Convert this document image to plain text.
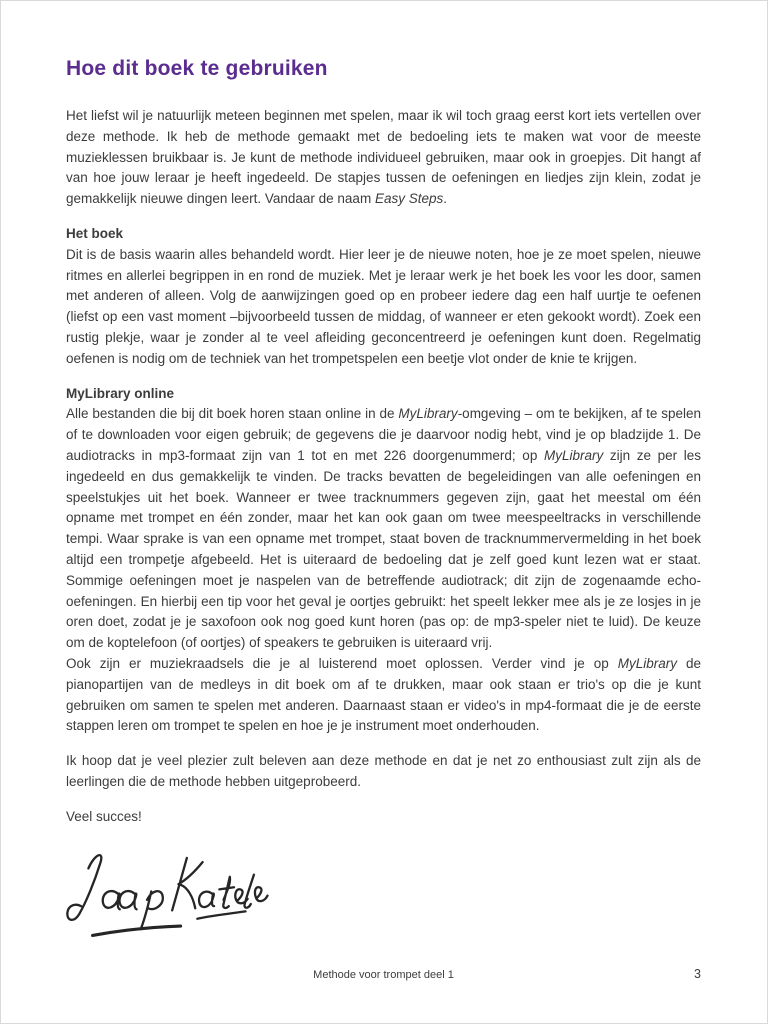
Hoe dit boek te gebruiken

Het liefst wil je natuurlijk meteen beginnen met spelen, maar ik wil toch graag eerst kort iets vertellen over deze methode. Ik heb de methode gemaakt met de bedoeling iets te maken wat voor de meeste muzieklessen bruikbaar is. Je kunt de methode individueel gebruiken, maar ook in groepjes. Dit hangt af van hoe jouw leraar je heeft ingedeeld. De stapjes tussen de oefeningen en liedjes zijn klein, zodat je gemakkelijk nieuwe dingen leert. Vandaar de naam Easy Steps.

Het boek

Dit is de basis waarin alles behandeld wordt. Hier leer je de nieuwe noten, hoe je ze moet spelen, nieuwe ritmes en allerlei begrippen in en rond de muziek. Met je leraar werk je het boek les voor les door, samen met anderen of alleen. Volg de aanwijzingen goed op en probeer iedere dag een half uurtje te oefenen (liefst op een vast moment –bijvoorbeeld tussen de middag, of wanneer er eten gekookt wordt). Zoek een rustig plekje, waar je zonder al te veel afleiding geconcentreerd je oefeningen kunt doen. Regelmatig oefenen is nodig om de techniek van het trompetspelen een beetje vlot onder de knie te krijgen.

MyLibrary online

Alle bestanden die bij dit boek horen staan online in de MyLibrary-omgeving – om te bekijken, af te spelen of te downloaden voor eigen gebruik; de gegevens die je daarvoor nodig hebt, vind je op bladzijde 1. De audiotracks in mp3-formaat zijn van 1 tot en met 226 doorgenummerd; op MyLibrary zijn ze per les ingedeeld en dus gemakkelijk te vinden. De tracks bevatten de begeleidingen van alle oefeningen en speelstukjes uit het boek. Wanneer er twee tracknummers gegeven zijn, gaat het meestal om één opname met trompet en één zonder, maar het kan ook gaan om twee meespeeltracks in verschillende tempi. Waar sprake is van een opname met trompet, staat boven de tracknummervermelding in het boek altijd een trompetje afgebeeld. Het is uiteraard de bedoeling dat je zelf goed kunt lezen wat er staat. Sommige oefeningen moet je naspelen van de betreffende audiotrack; dit zijn de zogenaamde echo-oefeningen. En hierbij een tip voor het geval je oortjes gebruikt: het speelt lekker mee als je ze losjes in je oren doet, zodat je je saxofoon ook nog goed kunt horen (pas op: de mp3-speler niet te luid). De keuze om de koptelefoon (of oortjes) of speakers te gebruiken is uiteraard vrij.

Ook zijn er muziekraadsels die je al luisterend moet oplossen. Verder vind je op MyLibrary de pianopartijen van de medleys in dit boek om af te drukken, maar ook staan er trio's op die je kunt gebruiken om samen te spelen met anderen. Daarnaast staan er video's in mp4-formaat die je de eerste stappen leren om trompet te spelen en hoe je je instrument moet onderhouden.

Ik hoop dat je veel plezier zult beleven aan deze methode en dat je net zo enthousiast zult zijn als de leerlingen die de methode hebben uitgeprobeerd.

Veel succes!

Methode voor trompet deel 1	3
